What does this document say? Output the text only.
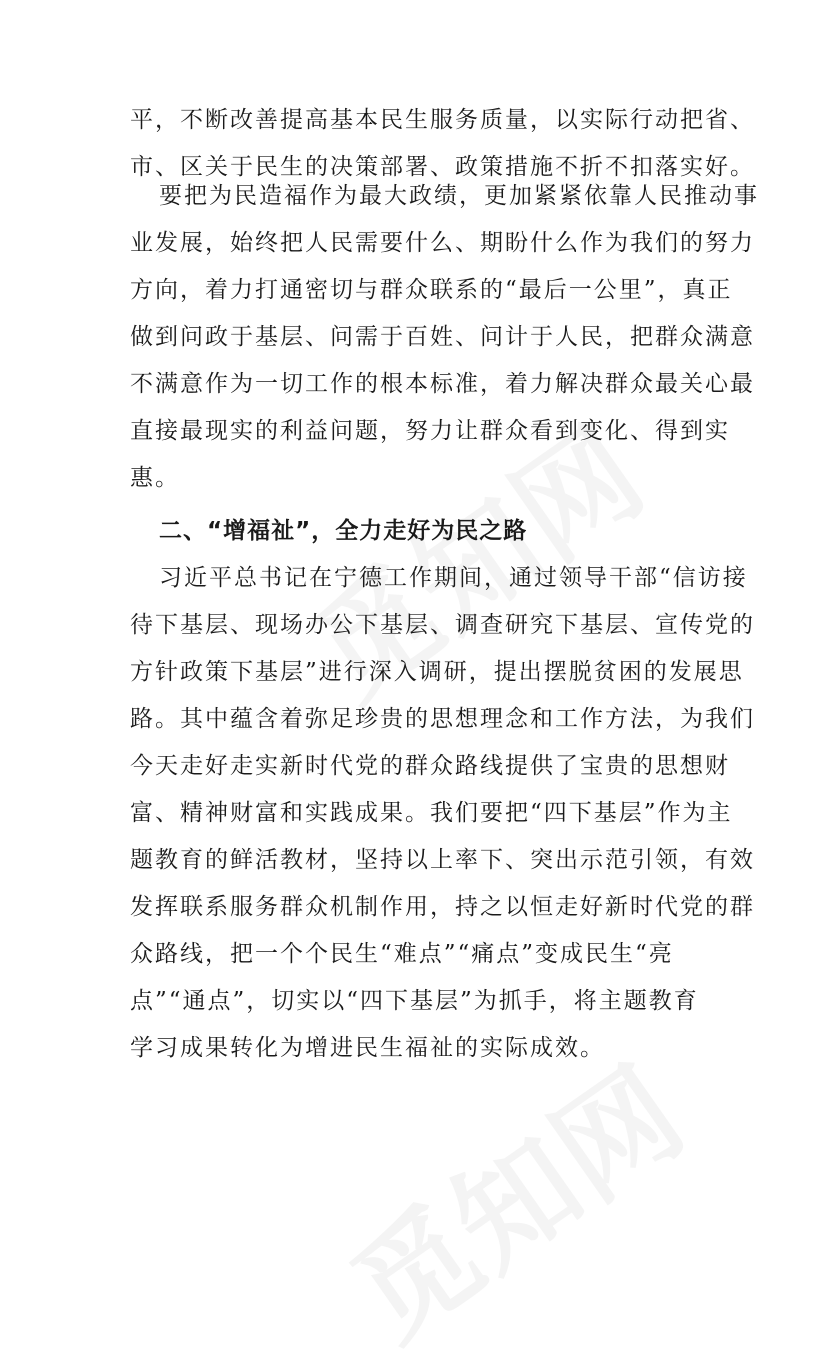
平，不断改善提高基本民生服务质量，以实际行动把省、
市、区关于民生的决策部署、政策措施不折不扣落实好。
要把为民造福作为最大政绩，更加紧紧依靠人民推动事
业发展，始终把人民需要什么、期盼什么作为我们的努力
方向，着力打通密切与群众联系的“最后一公里”，真正
做到问政于基层、问需于百姓、问计于人民，把群众满意
不满意作为一切工作的根本标准，着力解决群众最关心最
直接最现实的利益问题，努力让群众看到变化、得到实
惠。
二、“增福祉”，全力走好为民之路
习近平总书记在宁德工作期间，通过领导干部“信访接
待下基层、现场办公下基层、调查研究下基层、宣传党的
方针政策下基层”进行深入调研，提出摆脱贫困的发展思
路。其中蕴含着弥足珍贵的思想理念和工作方法，为我们
今天走好走实新时代党的群众路线提供了宝贵的思想财
富、精神财富和实践成果。我们要把“四下基层”作为主
题教育的鲜活教材，坚持以上率下、突出示范引领，有效
发挥联系服务群众机制作用，持之以恒走好新时代党的群
众路线，把一个个民生“难点”“痛点”变成民生“亮
点”“通点”，切实以“四下基层”为抓手，将主题教育
学习成果转化为增进民生福祉的实际成效。
